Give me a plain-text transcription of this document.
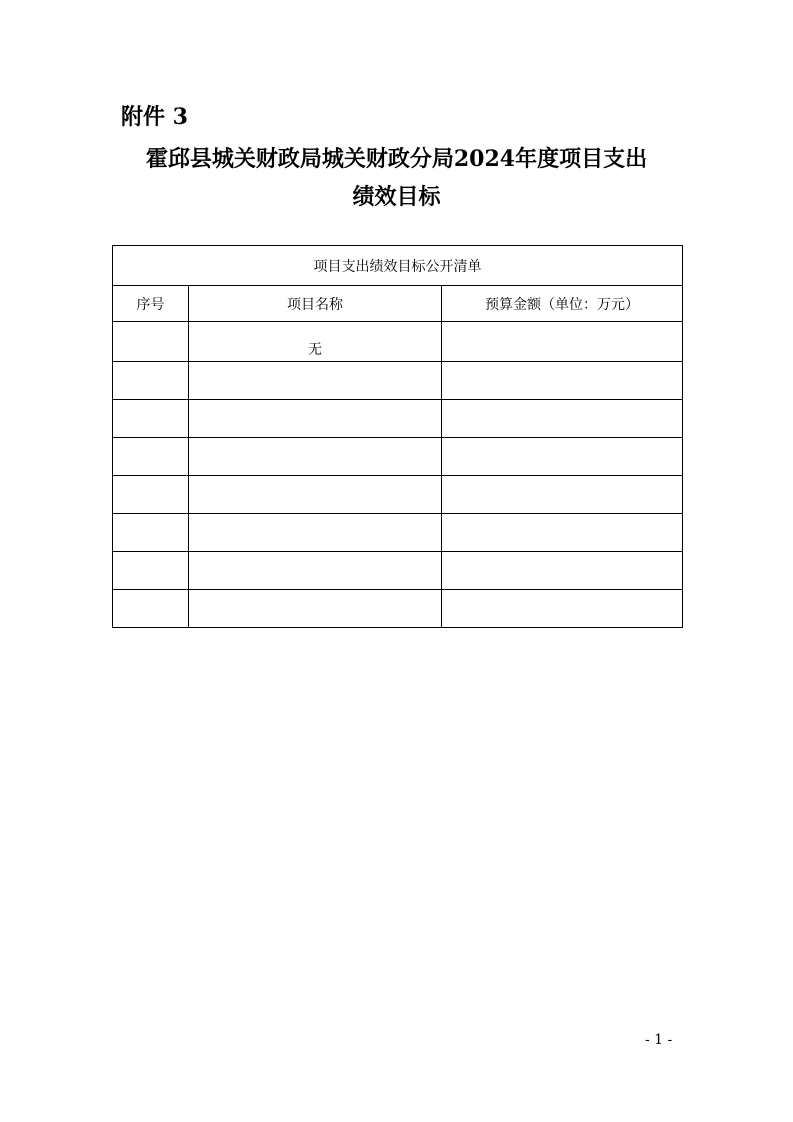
附件 3
霍邱县城关财政局城关财政分局2024年度项目支出
绩效目标
项目支出绩效目标公开清单		
序号	项目名称	预算金额（单位：万元）
	无	

- 1 -
